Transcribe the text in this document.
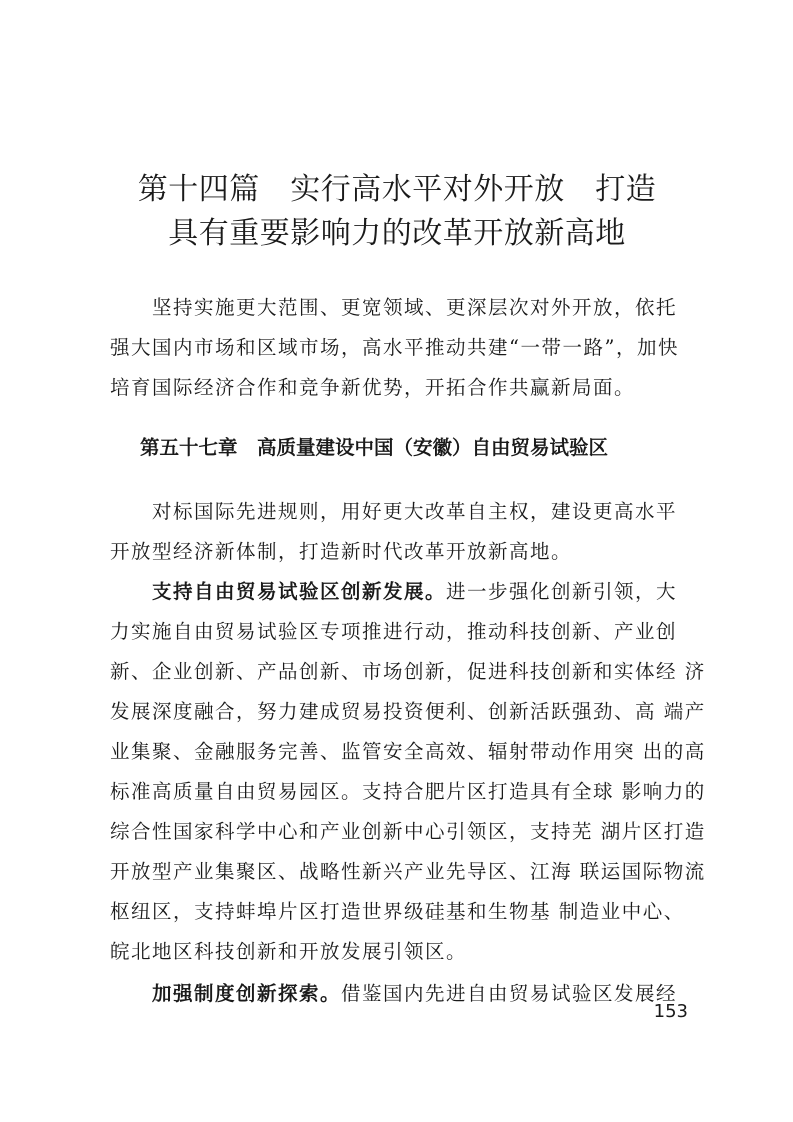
第十四篇　实行高水平对外开放　打造
具有重要影响力的改革开放新高地

　　坚持实施更大范围、更宽领域、更深层次对外开放，依托
强大国内市场和区域市场，高水平推动共建“一带一路”，加快
培育国际经济合作和竞争新优势，开拓合作共赢新局面。

第五十七章　高质量建设中国（安徽）自由贸易试验区

　　对标国际先进规则，用好更大改革自主权，建设更高水平
开放型经济新体制，打造新时代改革开放新高地。

　　支持自由贸易试验区创新发展。进一步强化创新引领，大
力实施自由贸易试验区专项推进行动，推动科技创新、产业创
新、企业创新、产品创新、市场创新，促进科技创新和实体经 济
发展深度融合，努力建成贸易投资便利、创新活跃强劲、高 端产
业集聚、金融服务完善、监管安全高效、辐射带动作用突 出的高
标准高质量自由贸易园区。支持合肥片区打造具有全球 影响力的
综合性国家科学中心和产业创新中心引领区，支持芜 湖片区打造
开放型产业集聚区、战略性新兴产业先导区、江海 联运国际物流
枢纽区，支持蚌埠片区打造世界级硅基和生物基 制造业中心、
皖北地区科技创新和开放发展引领区。

　　加强制度创新探索。借鉴国内先进自由贸易试验区发展经

153
